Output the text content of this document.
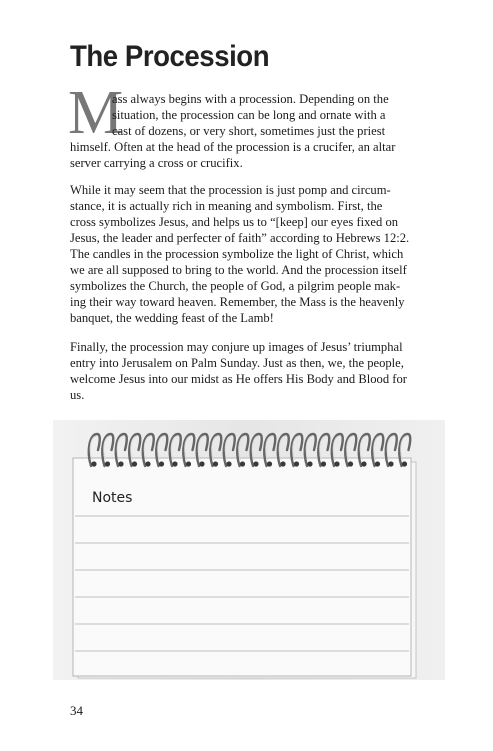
The Procession
M
ass always begins with a procession. Depending on the
situation, the procession can be long and ornate with a
cast of dozens, or very short, sometimes just the priest
himself. Often at the head of the procession is a crucifer, an altar
server carrying a cross or crucifix.
While it may seem that the procession is just pomp and circum-
stance, it is actually rich in meaning and symbolism. First, the
cross symbolizes Jesus, and helps us to “[keep] our eyes fixed on
Jesus, the leader and perfecter of faith” according to Hebrews 12:2.
The candles in the procession symbolize the light of Christ, which
we are all supposed to bring to the world. And the procession itself
symbolizes the Church, the people of God, a pilgrim people mak-
ing their way toward heaven. Remember, the Mass is the heavenly
banquet, the wedding feast of the Lamb!
Finally, the procession may conjure up images of Jesus’ triumphal
entry into Jerusalem on Palm Sunday. Just as then, we, the people,
welcome Jesus into our midst as He offers His Body and Blood for
us.
Notes
34
